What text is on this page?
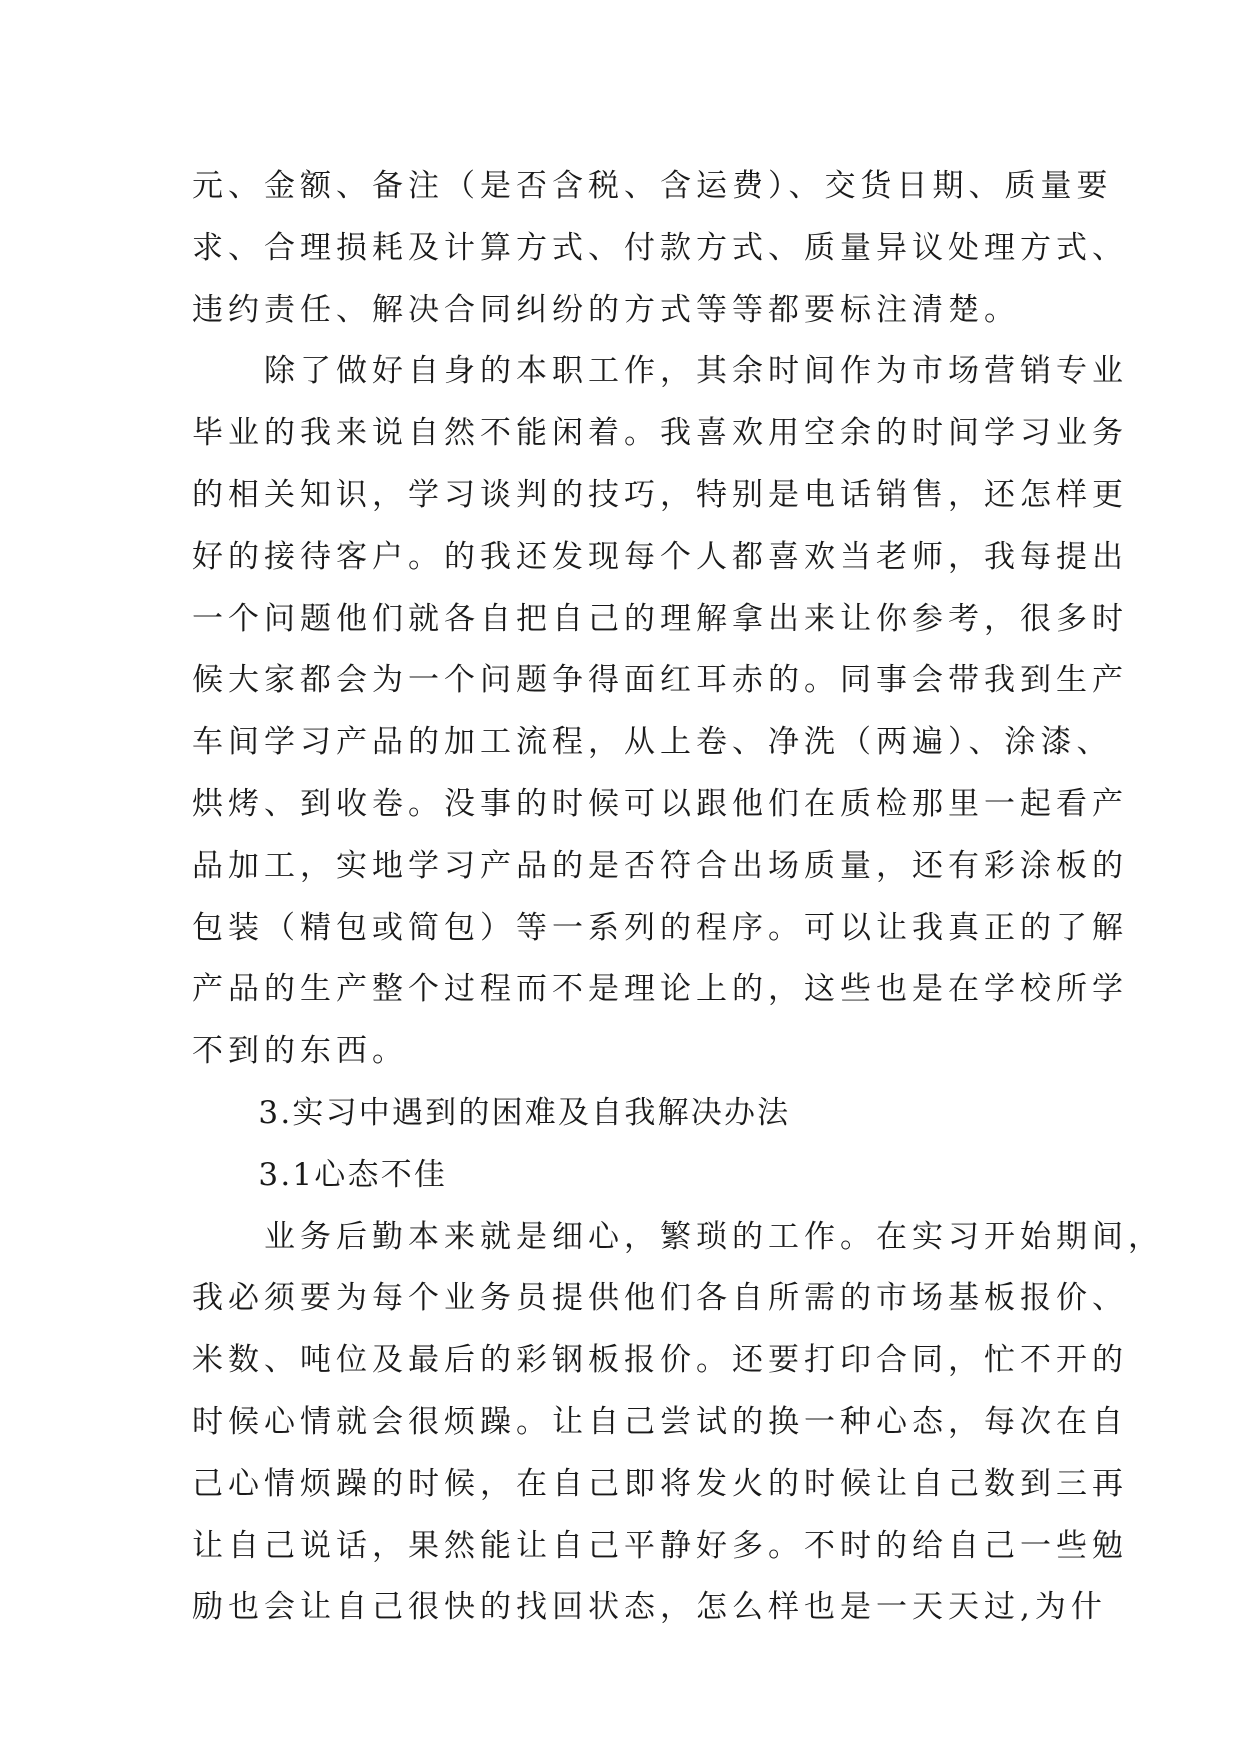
元、金额、备注（是否含税、含运费）、交货日期、质量要

求、合理损耗及计算方式、付款方式、质量异议处理方式、

违约责任、解决合同纠纷的方式等等都要标注清楚。

　　除了做好自身的本职工作，其余时间作为市场营销专业

毕业的我来说自然不能闲着。我喜欢用空余的时间学习业务

的相关知识，学习谈判的技巧，特别是电话销售，还怎样更

好的接待客户。的我还发现每个人都喜欢当老师，我每提出

一个问题他们就各自把自己的理解拿出来让你参考，很多时

候大家都会为一个问题争得面红耳赤的。同事会带我到生产

车间学习产品的加工流程，从上卷、净洗（两遍）、涂漆、

烘烤、到收卷。没事的时候可以跟他们在质检那里一起看产

品加工，实地学习产品的是否符合出场质量，还有彩涂板的

包装（精包或简包）等一系列的程序。可以让我真正的了解

产品的生产整个过程而不是理论上的，这些也是在学校所学

不到的东西。

　　3.实习中遇到的困难及自我解决办法

　　3.1心态不佳

　　业务后勤本来就是细心，繁琐的工作。在实习开始期间，

我必须要为每个业务员提供他们各自所需的市场基板报价、

米数、吨位及最后的彩钢板报价。还要打印合同，忙不开的

时候心情就会很烦躁。让自己尝试的换一种心态，每次在自

己心情烦躁的时候，在自己即将发火的时候让自己数到三再

让自己说话，果然能让自己平静好多。不时的给自己一些勉

励也会让自己很快的找回状态，怎么样也是一天天过,为什
